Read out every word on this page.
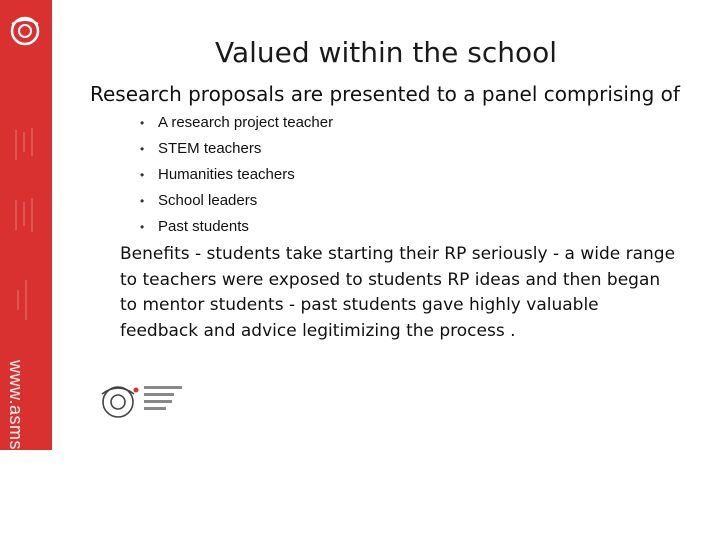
www.asms.sa.edu.au
Valued within the school
Research proposals are presented to a panel comprising of
• A research project teacher
• STEM teachers
• Humanities teachers
• School leaders
• Past students
Benefits - students take starting their RP seriously - a wide range to teachers were exposed to students RP ideas and then began to mentor students - past students gave highly valuable feedback and advice legitimizing the process .
